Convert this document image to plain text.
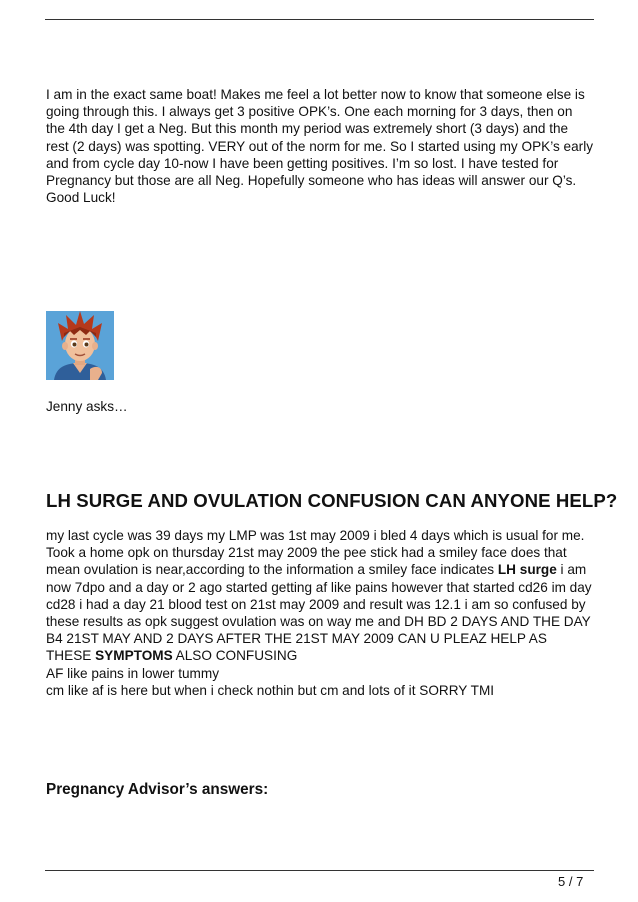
I am in the exact same boat! Makes me feel a lot better now to know that someone else is going through this. I always get 3 positive OPK’s. One each morning for 3 days, then on the 4th day I get a Neg. But this month my period was extremely short (3 days) and the rest (2 days) was spotting. VERY out of the norm for me. So I started using my OPK’s early and from cycle day 10-now I have been getting positives. I’m so lost. I have tested for Pregnancy but those are all Neg. Hopefully someone who has ideas will answer our Q’s. Good Luck!

Jenny asks…

LH SURGE AND OVULATION CONFUSION CAN ANYONE HELP?

my last cycle was 39 days my LMP was 1st may 2009 i bled 4 days which is usual for me. Took a home opk on thursday 21st may 2009 the pee stick had a smiley face does that mean ovulation is near,according to the information a smiley face indicates LH surge i am now 7dpo and a day or 2 ago started getting af like pains however that started cd26 im day cd28 i had a day 21 blood test on 21st may 2009 and result was 12.1 i am so confused by these results as opk suggest ovulation was on way me and DH BD 2 DAYS AND THE DAY B4 21ST MAY AND 2 DAYS AFTER THE 21ST MAY 2009 CAN U PLEAZ HELP AS THESE SYMPTOMS ALSO CONFUSING
AF like pains in lower tummy
cm like af is here but when i check nothin but cm and lots of it SORRY TMI

Pregnancy Advisor’s answers:

5 / 7
